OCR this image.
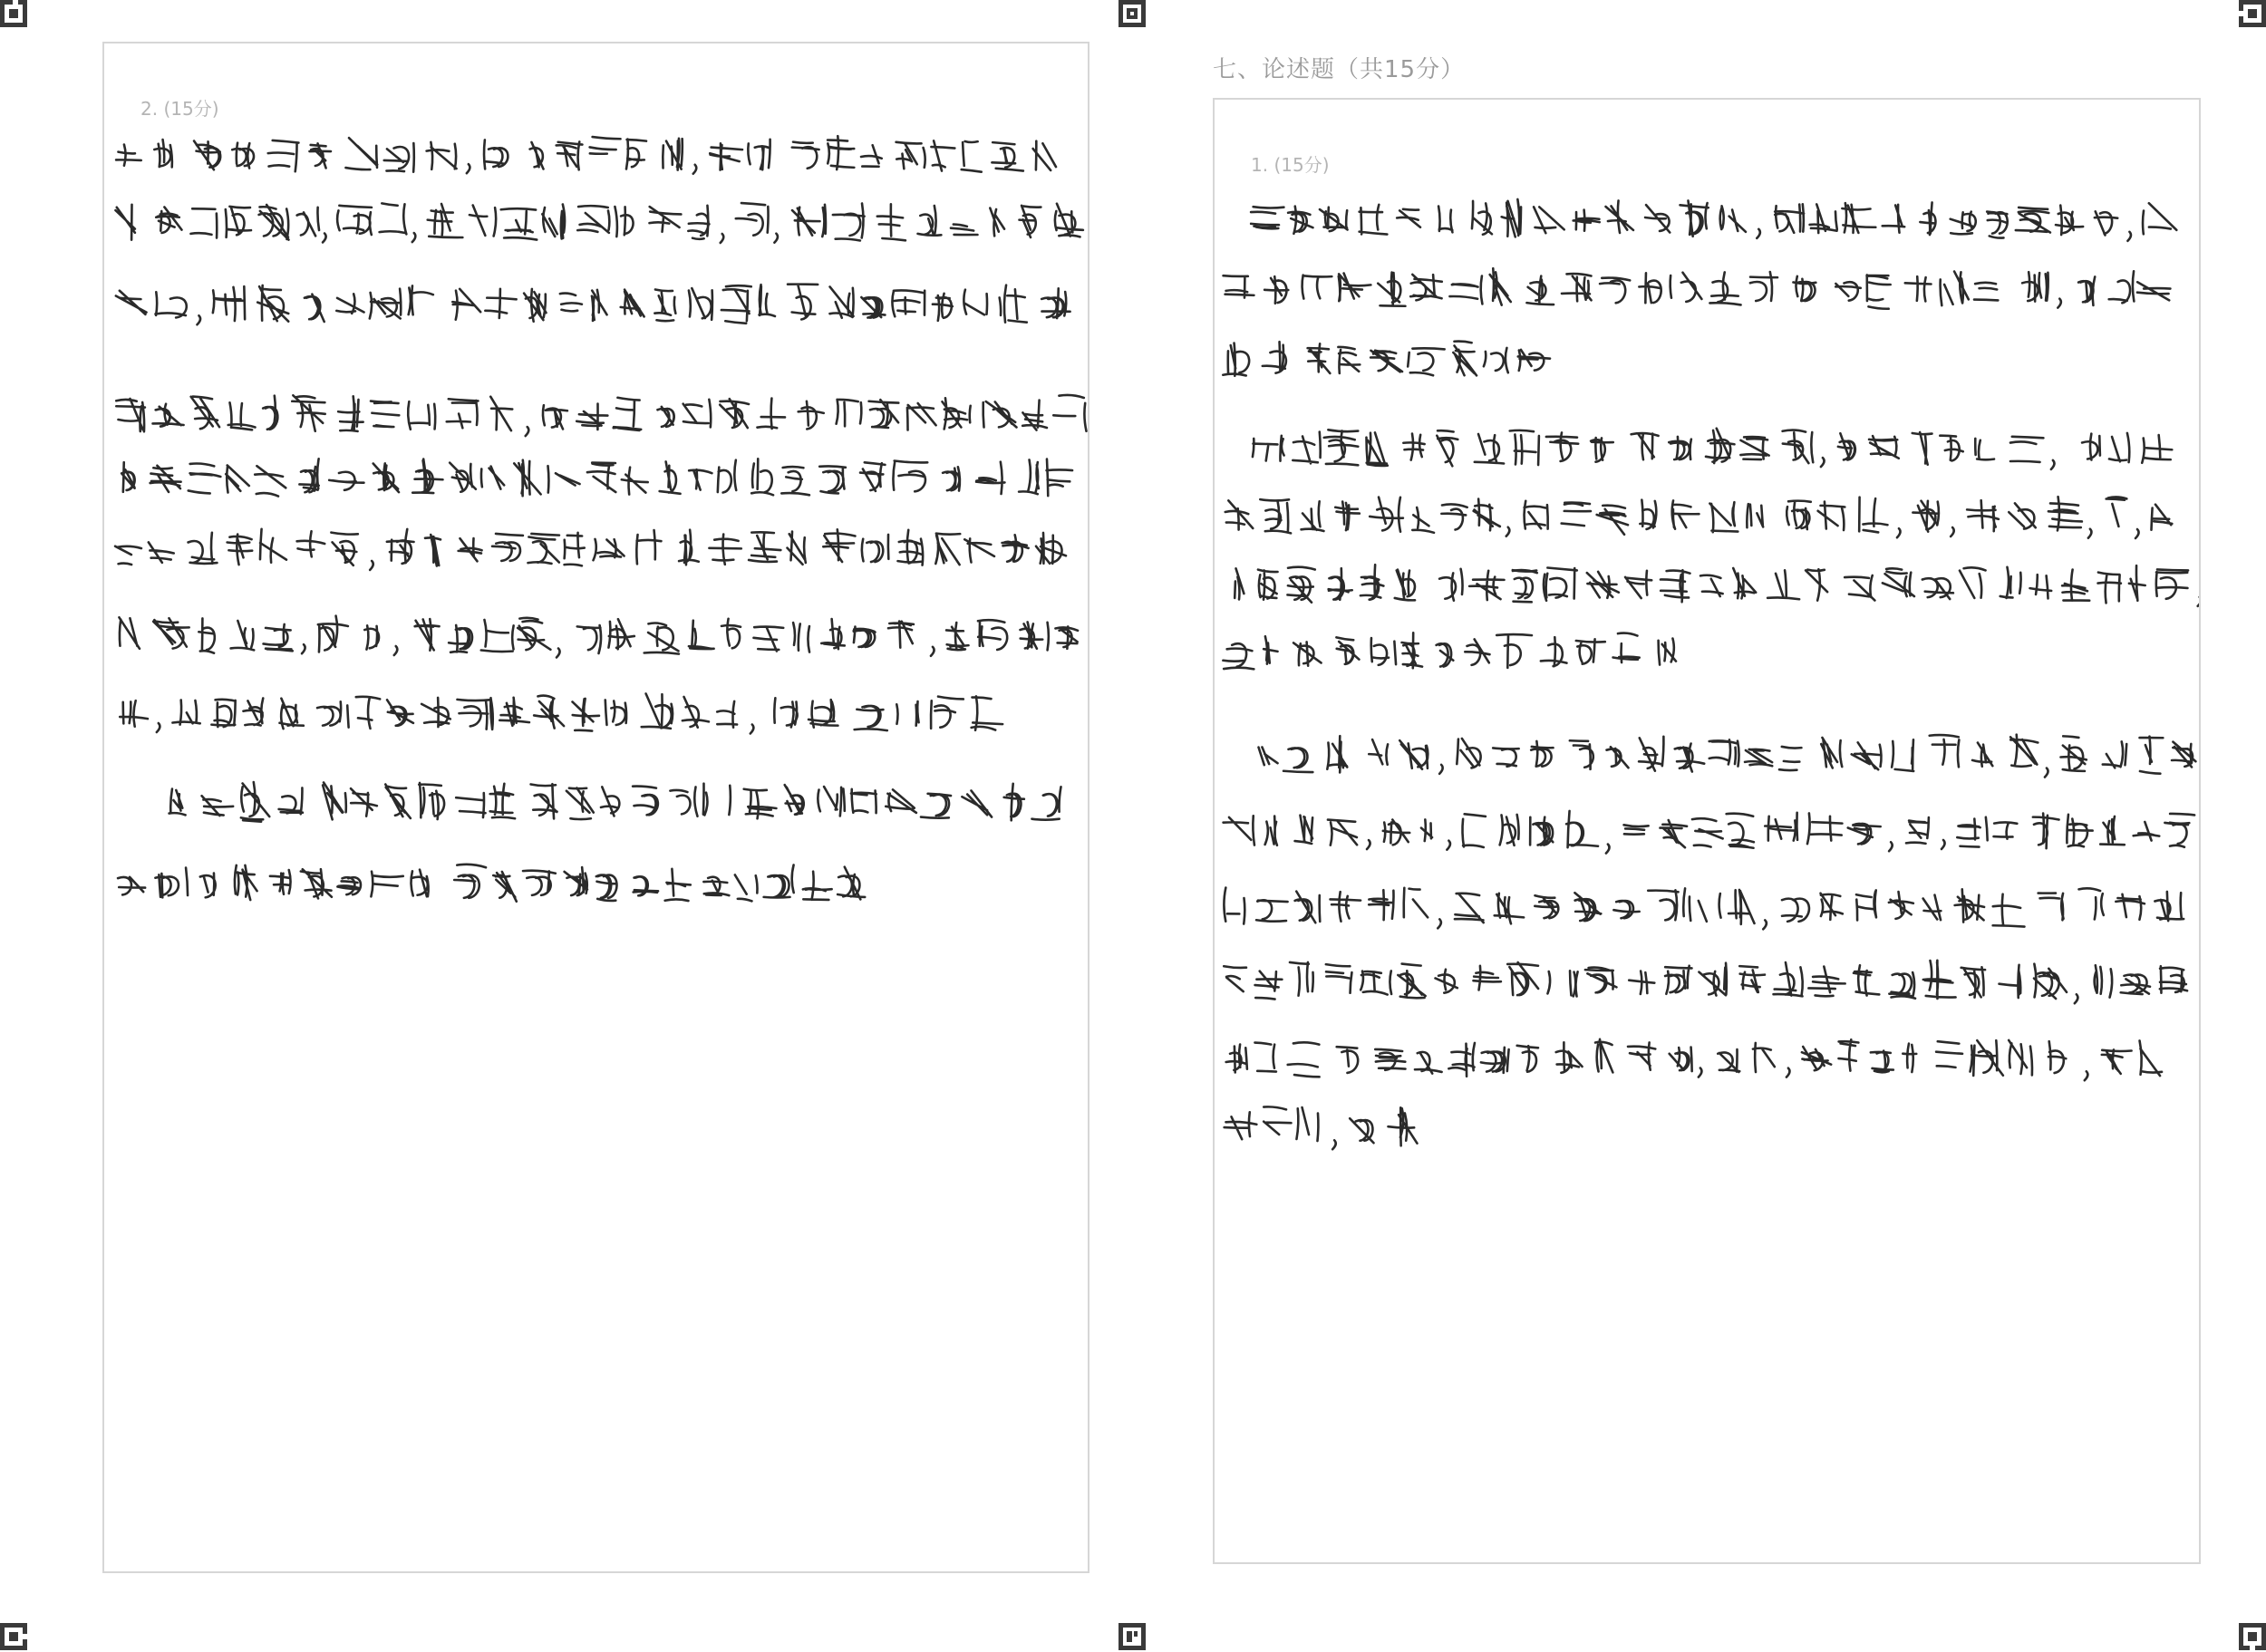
七、论述题（共15分）
2. (15分)
1. (15分)
